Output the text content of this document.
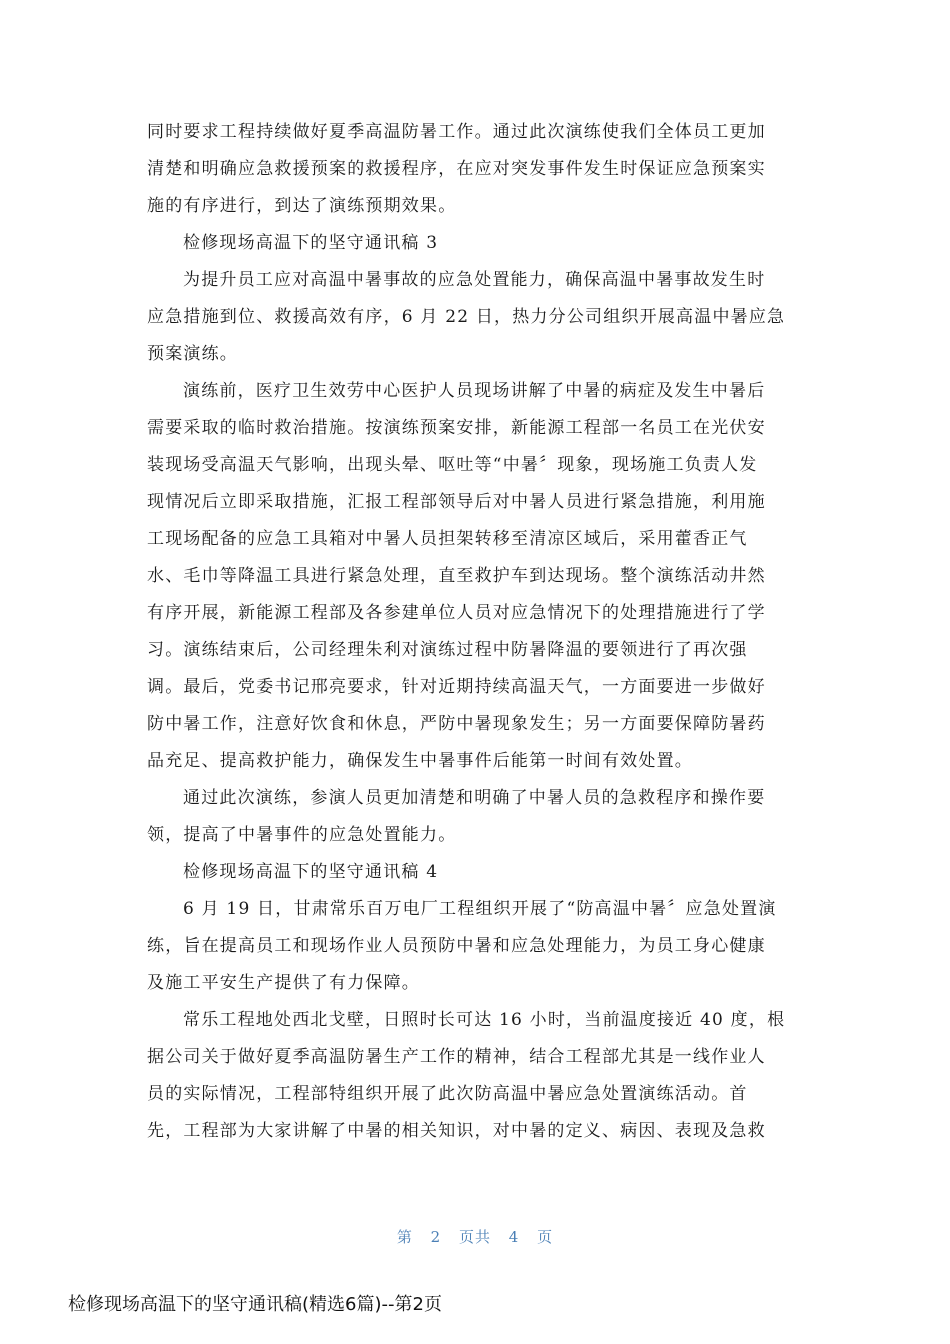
同时要求工程持续做好夏季高温防暑工作。通过此次演练使我们全体员工更加
清楚和明确应急救援预案的救援程序，在应对突发事件发生时保证应急预案实
施的有序进行，到达了演练预期效果。
检修现场高温下的坚守通讯稿 3
为提升员工应对高温中暑事故的应急处置能力，确保高温中暑事故发生时
应急措施到位、救援高效有序，6 月 22 日，热力分公司组织开展高温中暑应急
预案演练。
演练前，医疗卫生效劳中心医护人员现场讲解了中暑的病症及发生中暑后
需要采取的临时救治措施。按演练预案安排，新能源工程部一名员工在光伏安
装现场受高温天气影响，出现头晕、呕吐等“中暑〞现象，现场施工负责人发
现情况后立即采取措施，汇报工程部领导后对中暑人员进行紧急措施，利用施
工现场配备的应急工具箱对中暑人员担架转移至清凉区域后，采用藿香正气
水、毛巾等降温工具进行紧急处理，直至救护车到达现场。整个演练活动井然
有序开展，新能源工程部及各参建单位人员对应急情况下的处理措施进行了学
习。演练结束后，公司经理朱利对演练过程中防暑降温的要领进行了再次强
调。最后，党委书记邢亮要求，针对近期持续高温天气，一方面要进一步做好
防中暑工作，注意好饮食和休息，严防中暑现象发生；另一方面要保障防暑药
品充足、提高救护能力，确保发生中暑事件后能第一时间有效处置。
通过此次演练，参演人员更加清楚和明确了中暑人员的急救程序和操作要
领，提高了中暑事件的应急处置能力。
检修现场高温下的坚守通讯稿 4
6 月 19 日，甘肃常乐百万电厂工程组织开展了“防高温中暑〞应急处置演
练，旨在提高员工和现场作业人员预防中暑和应急处理能力，为员工身心健康
及施工平安生产提供了有力保障。
常乐工程地处西北戈壁，日照时长可达 16 小时，当前温度接近 40 度，根
据公司关于做好夏季高温防暑生产工作的精神，结合工程部尤其是一线作业人
员的实际情况，工程部特组织开展了此次防高温中暑应急处置演练活动。首
先，工程部为大家讲解了中暑的相关知识，对中暑的定义、病因、表现及急救
第 2 页共 4 页
检修现场高温下的坚守通讯稿(精选6篇)--第2页
